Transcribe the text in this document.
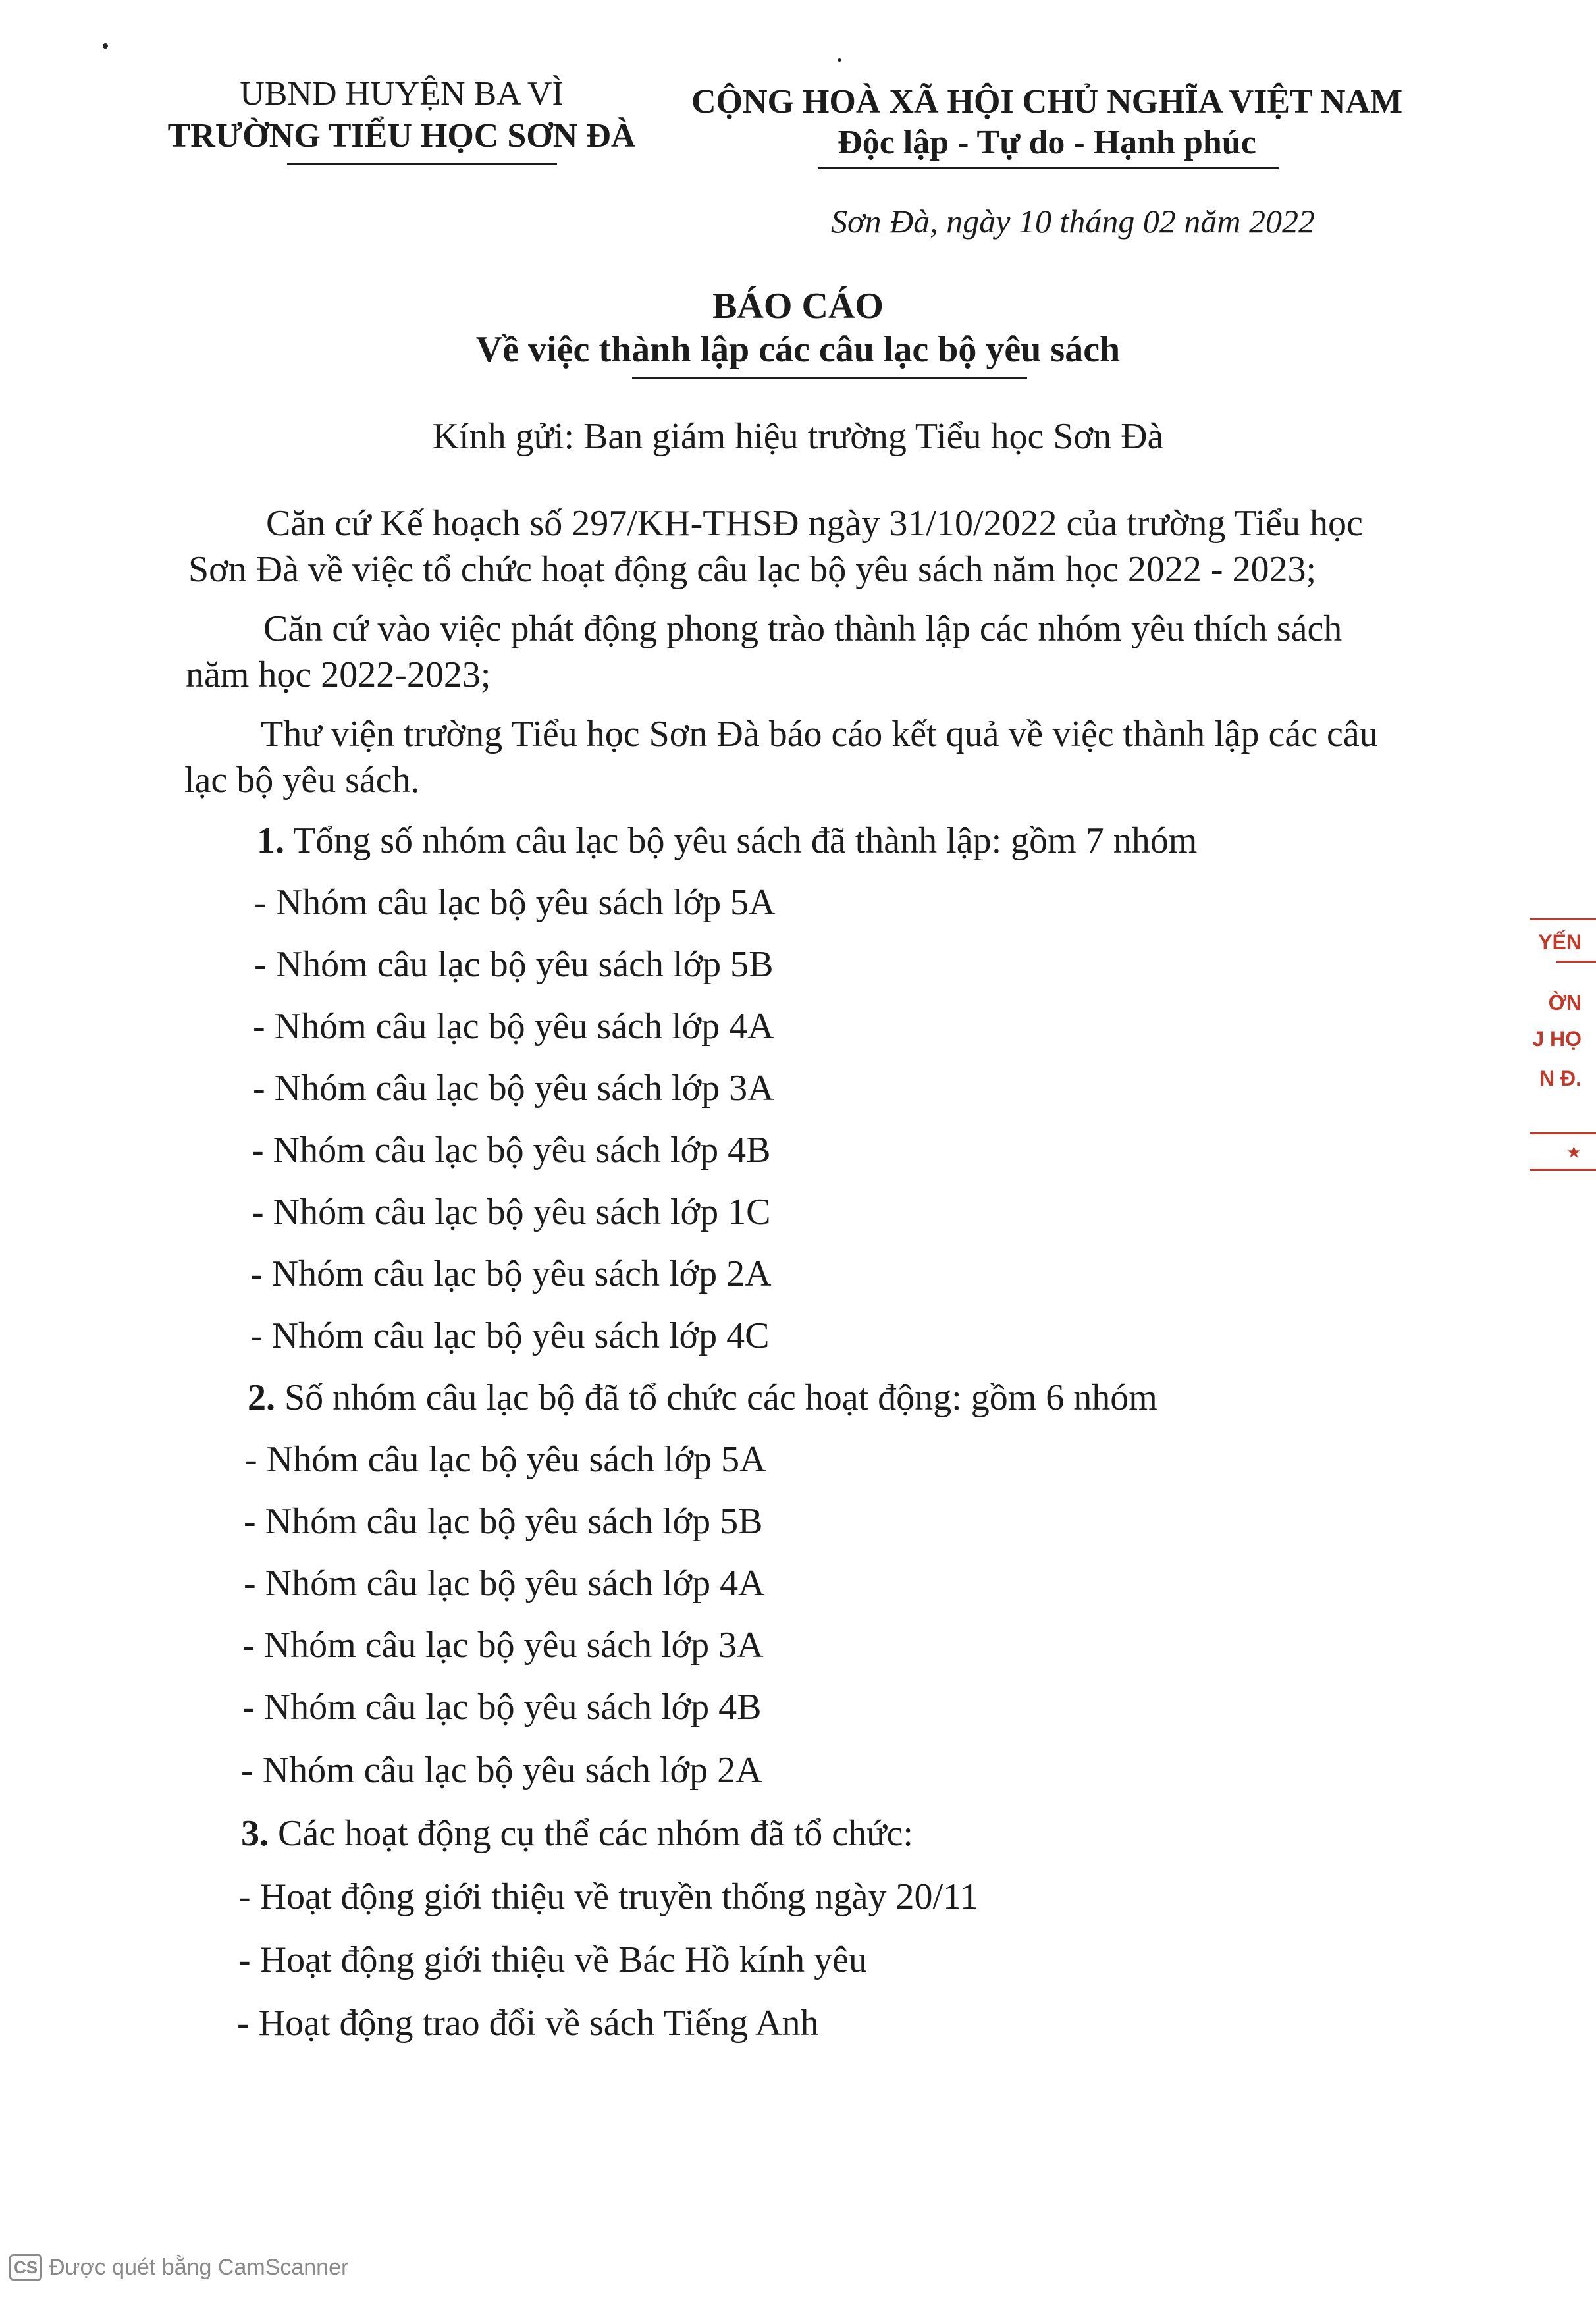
UBND HUYỆN BA VÌ
TRƯỜNG TIỂU HỌC SƠN ĐÀ
CỘNG HOÀ XÃ HỘI CHỦ NGHĨA VIỆT NAM
Độc lập - Tự do - Hạnh phúc
Sơn Đà, ngày 10 tháng 02 năm 2022
BÁO CÁO
Về việc thành lập các câu lạc bộ yêu sách
Kính gửi: Ban giám hiệu trường Tiểu học Sơn Đà
Căn cứ Kế hoạch số 297/KH-THSĐ ngày 31/10/2022 của trường Tiểu học
Sơn Đà về việc tổ chức hoạt động câu lạc bộ yêu sách năm học 2022 - 2023;
Căn cứ vào việc phát động phong trào thành lập các nhóm yêu thích sách
năm học 2022-2023;
Thư viện trường Tiểu học Sơn Đà báo cáo kết quả về việc thành lập các câu
lạc bộ yêu sách.
1. Tổng số nhóm câu lạc bộ yêu sách đã thành lập: gồm 7 nhóm
- Nhóm câu lạc bộ yêu sách lớp 5A
- Nhóm câu lạc bộ yêu sách lớp 5B
- Nhóm câu lạc bộ yêu sách lớp 4A
- Nhóm câu lạc bộ yêu sách lớp 3A
- Nhóm câu lạc bộ yêu sách lớp 4B
- Nhóm câu lạc bộ yêu sách lớp 1C
- Nhóm câu lạc bộ yêu sách lớp 2A
- Nhóm câu lạc bộ yêu sách lớp 4C
2. Số nhóm câu lạc bộ đã tổ chức các hoạt động: gồm 6 nhóm
- Nhóm câu lạc bộ yêu sách lớp 5A
- Nhóm câu lạc bộ yêu sách lớp 5B
- Nhóm câu lạc bộ yêu sách lớp 4A
- Nhóm câu lạc bộ yêu sách lớp 3A
- Nhóm câu lạc bộ yêu sách lớp 4B
- Nhóm câu lạc bộ yêu sách lớp 2A
3. Các hoạt động cụ thể các nhóm đã tổ chức:
- Hoạt động giới thiệu về truyền thống ngày 20/11
- Hoạt động giới thiệu về Bác Hồ kính yêu
- Hoạt động trao đổi về sách Tiếng Anh
YẾN
ỜN
J HỌ
N Đ.
★
CS Được quét bằng CamScanner
